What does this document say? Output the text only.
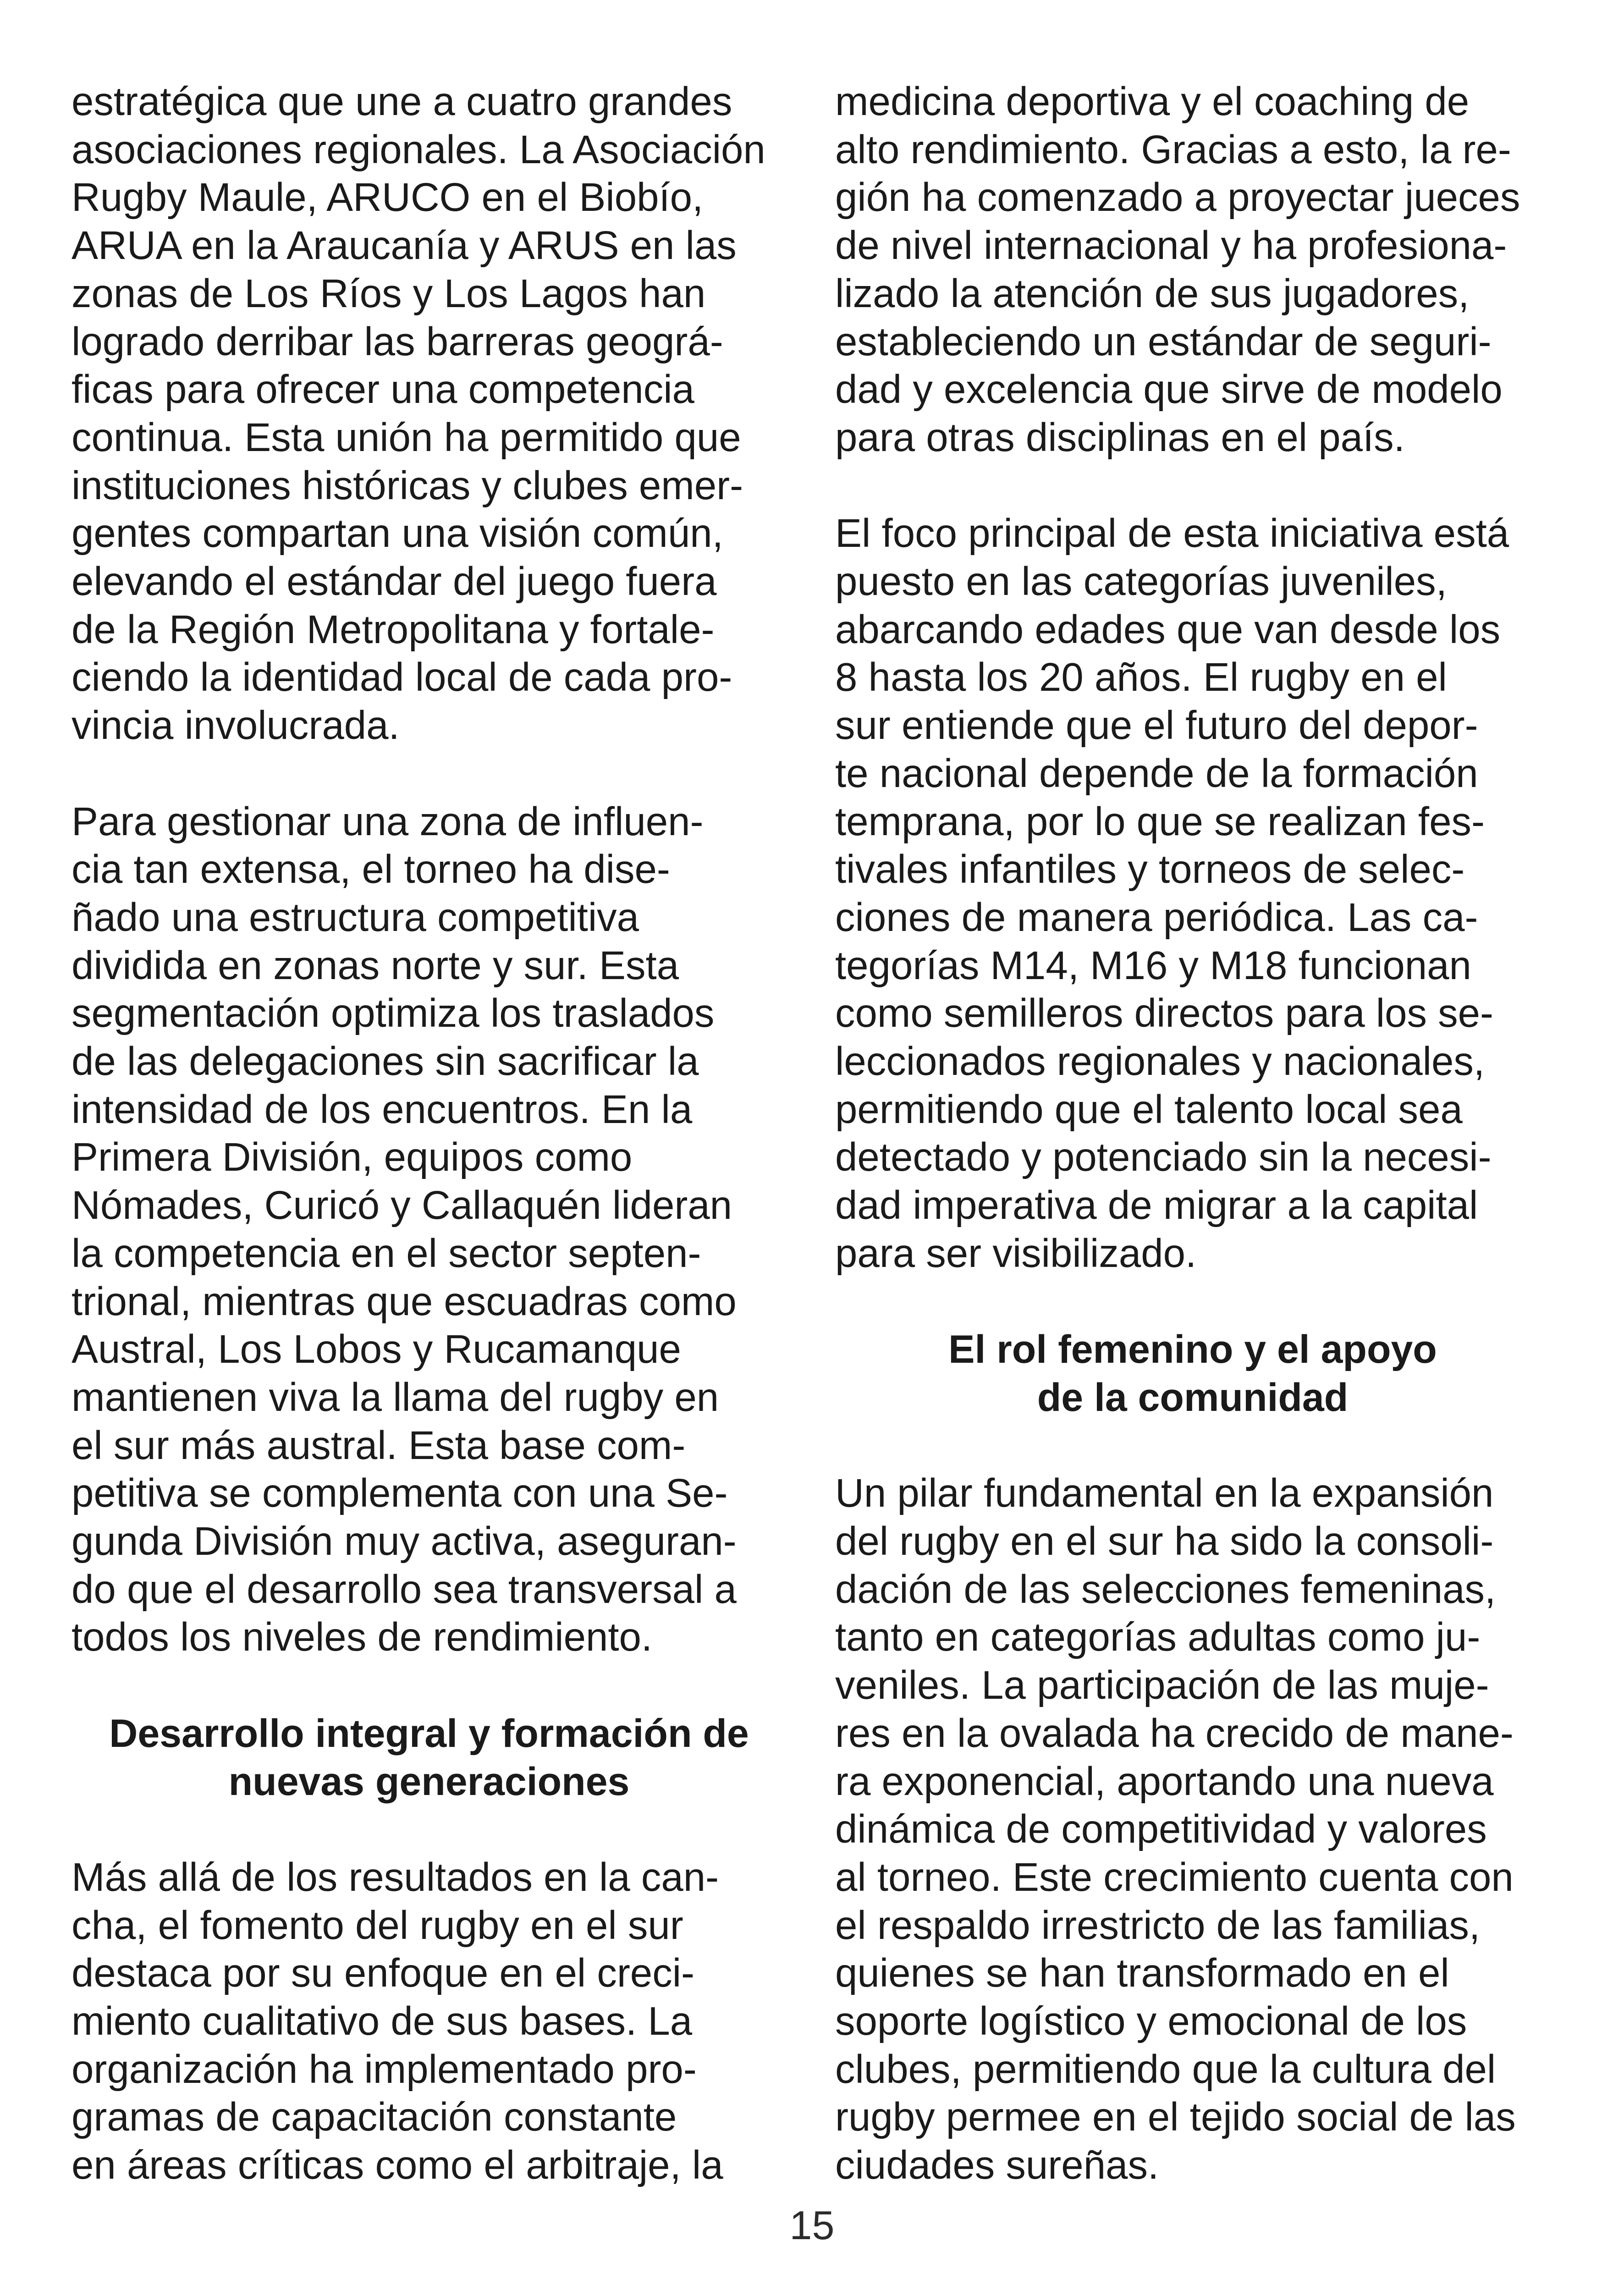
estratégica que une a cuatro grandes
asociaciones regionales. La Asociación
Rugby Maule, ARUCO en el Biobío,
ARUA en la Araucanía y ARUS en las
zonas de Los Ríos y Los Lagos han
logrado derribar las barreras geográ-
ficas para ofrecer una competencia
continua. Esta unión ha permitido que
instituciones históricas y clubes emer-
gentes compartan una visión común,
elevando el estándar del juego fuera
de la Región Metropolitana y fortale-
ciendo la identidad local de cada pro-
vincia involucrada.

Para gestionar una zona de influen-
cia tan extensa, el torneo ha dise-
ñado una estructura competitiva
dividida en zonas norte y sur. Esta
segmentación optimiza los traslados
de las delegaciones sin sacrificar la
intensidad de los encuentros. En la
Primera División, equipos como
Nómades, Curicó y Callaquén lideran
la competencia en el sector septen-
trional, mientras que escuadras como
Austral, Los Lobos y Rucamanque
mantienen viva la llama del rugby en
el sur más austral. Esta base com-
petitiva se complementa con una Se-
gunda División muy activa, aseguran-
do que el desarrollo sea transversal a
todos los niveles de rendimiento.

Desarrollo integral y formación de
nuevas generaciones

Más allá de los resultados en la can-
cha, el fomento del rugby en el sur
destaca por su enfoque en el creci-
miento cualitativo de sus bases. La
organización ha implementado pro-
gramas de capacitación constante
en áreas críticas como el arbitraje, la

medicina deportiva y el coaching de
alto rendimiento. Gracias a esto, la re-
gión ha comenzado a proyectar jueces
de nivel internacional y ha profesiona-
lizado la atención de sus jugadores,
estableciendo un estándar de seguri-
dad y excelencia que sirve de modelo
para otras disciplinas en el país.

El foco principal de esta iniciativa está
puesto en las categorías juveniles,
abarcando edades que van desde los
8 hasta los 20 años. El rugby en el
sur entiende que el futuro del depor-
te nacional depende de la formación
temprana, por lo que se realizan fes-
tivales infantiles y torneos de selec-
ciones de manera periódica. Las ca-
tegorías M14, M16 y M18 funcionan
como semilleros directos para los se-
leccionados regionales y nacionales,
permitiendo que el talento local sea
detectado y potenciado sin la necesi-
dad imperativa de migrar a la capital
para ser visibilizado.

El rol femenino y el apoyo
de la comunidad

Un pilar fundamental en la expansión
del rugby en el sur ha sido la consoli-
dación de las selecciones femeninas,
tanto en categorías adultas como ju-
veniles. La participación de las muje-
res en la ovalada ha crecido de mane-
ra exponencial, aportando una nueva
dinámica de competitividad y valores
al torneo. Este crecimiento cuenta con
el respaldo irrestricto de las familias,
quienes se han transformado en el
soporte logístico y emocional de los
clubes, permitiendo que la cultura del
rugby permee en el tejido social de las
ciudades sureñas.

15
